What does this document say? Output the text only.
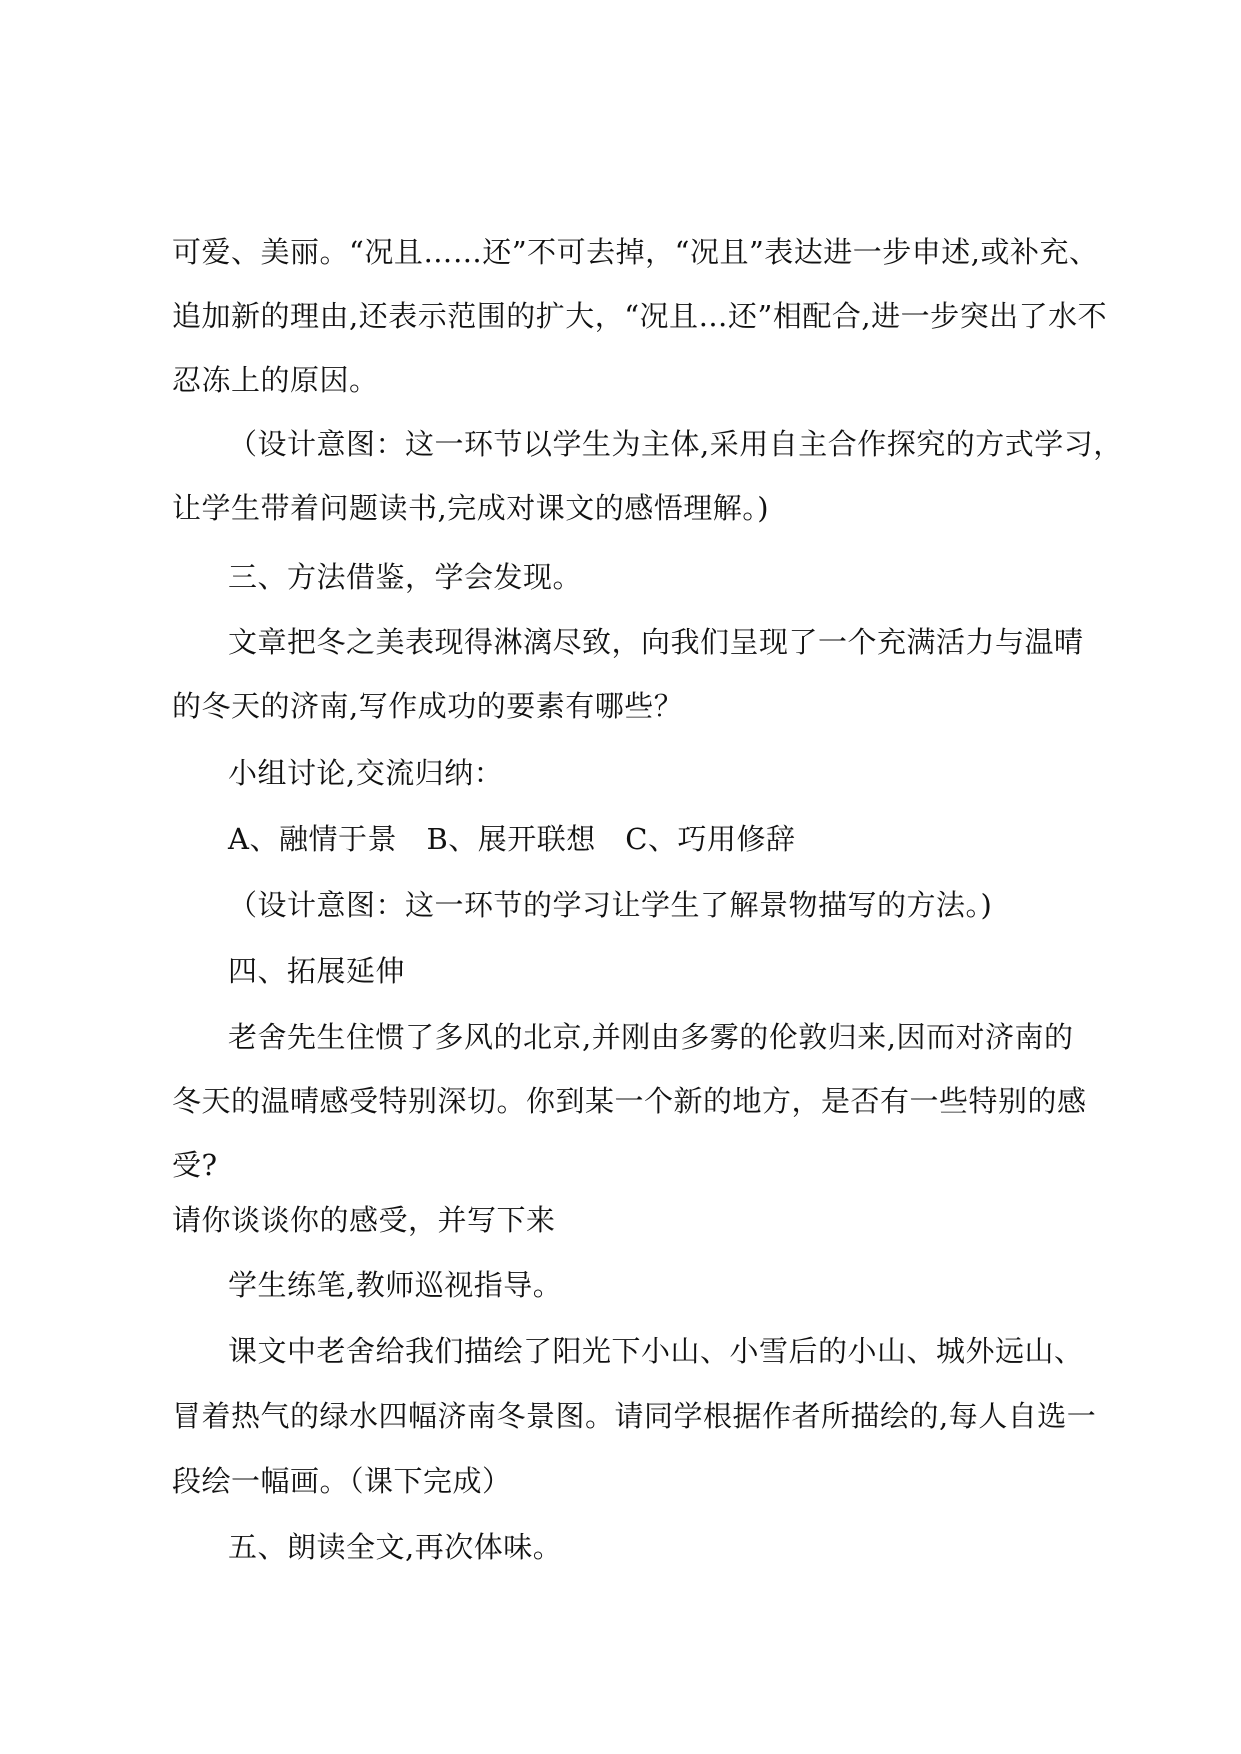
可爱、美丽。“况且……还”不可去掉，“况且”表达进一步申述,或补充、
追加新的理由,还表示范围的扩大，“况且…还”相配合,进一步突出了水不
忍冻上的原因。
（设计意图：这一环节以学生为主体,采用自主合作探究的方式学习，
让学生带着问题读书,完成对课文的感悟理解。)
三、方法借鉴，学会发现。
文章把冬之美表现得淋漓尽致，向我们呈现了一个充满活力与温晴
的冬天的济南,写作成功的要素有哪些？
小组讨论,交流归纳：
A、融情于景　B、展开联想　C、巧用修辞
（设计意图：这一环节的学习让学生了解景物描写的方法。)
四、拓展延伸
老舍先生住惯了多风的北京,并刚由多雾的伦敦归来,因而对济南的
冬天的温晴感受特别深切。你到某一个新的地方，是否有一些特别的感
受?
请你谈谈你的感受，并写下来
学生练笔,教师巡视指导。
课文中老舍给我们描绘了阳光下小山、小雪后的小山、城外远山、
冒着热气的绿水四幅济南冬景图。请同学根据作者所描绘的,每人自选一
段绘一幅画。（课下完成）
五、朗读全文,再次体味。
